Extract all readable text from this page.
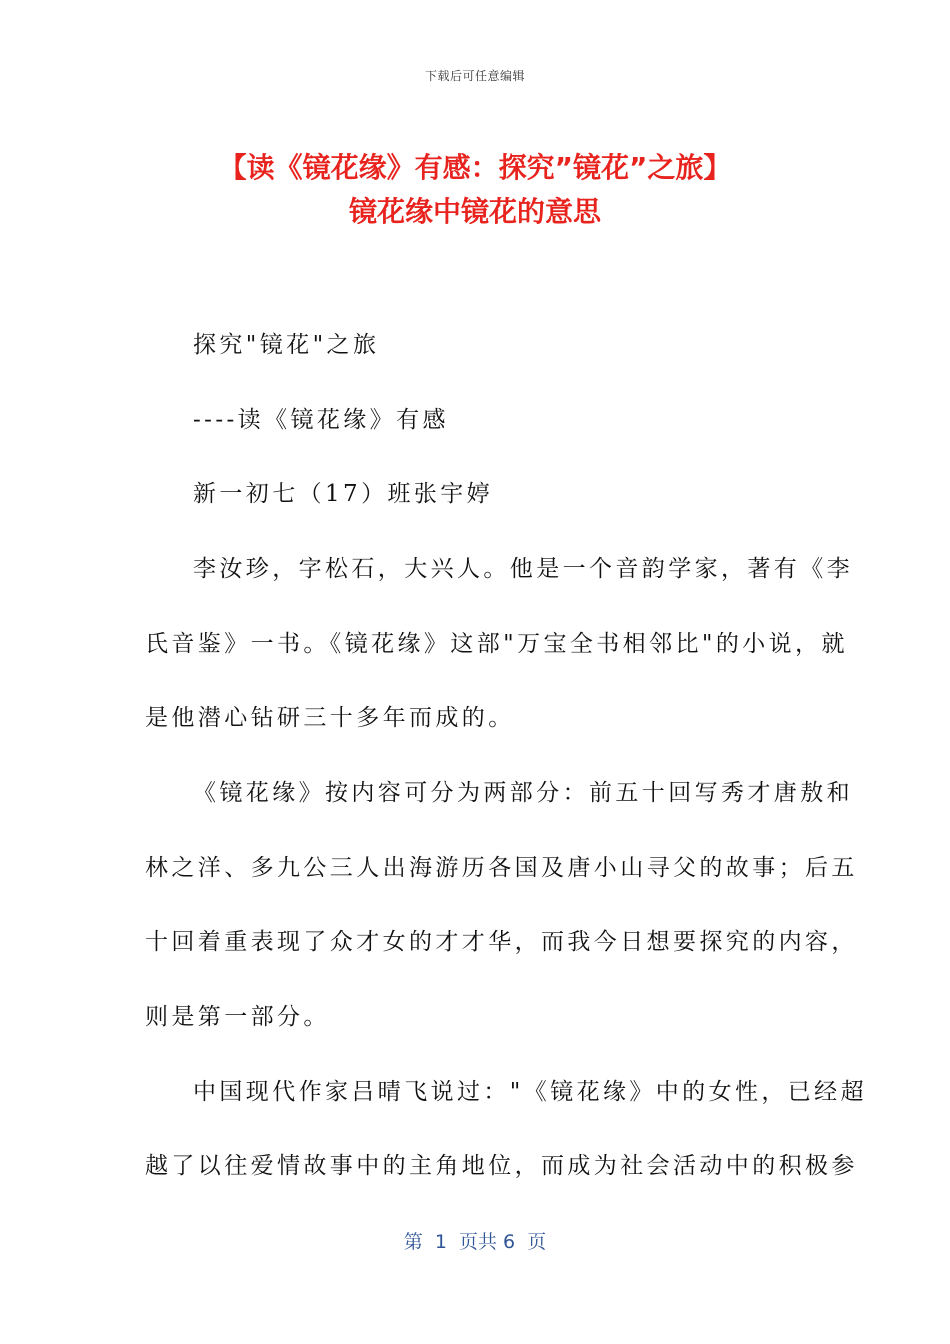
下载后可任意编辑
【读《镜花缘》有感：探究”镜花”之旅】
镜花缘中镜花的意思
探究"镜花"之旅
----读《镜花缘》有感
新一初七（17）班张宇婷
李汝珍，字松石，大兴人。他是一个音韵学家，著有《李
氏音鉴》一书。《镜花缘》这部"万宝全书相邻比"的小说，就
是他潜心钻研三十多年而成的。
《镜花缘》按内容可分为两部分：前五十回写秀才唐敖和
林之洋、多九公三人出海游历各国及唐小山寻父的故事；后五
十回着重表现了众才女的才才华，而我今日想要探究的内容，
则是第一部分。
中国现代作家吕晴飞说过："《镜花缘》中的女性，已经超
越了以往爱情故事中的主角地位，而成为社会活动中的积极参
第  1  页共 6  页
